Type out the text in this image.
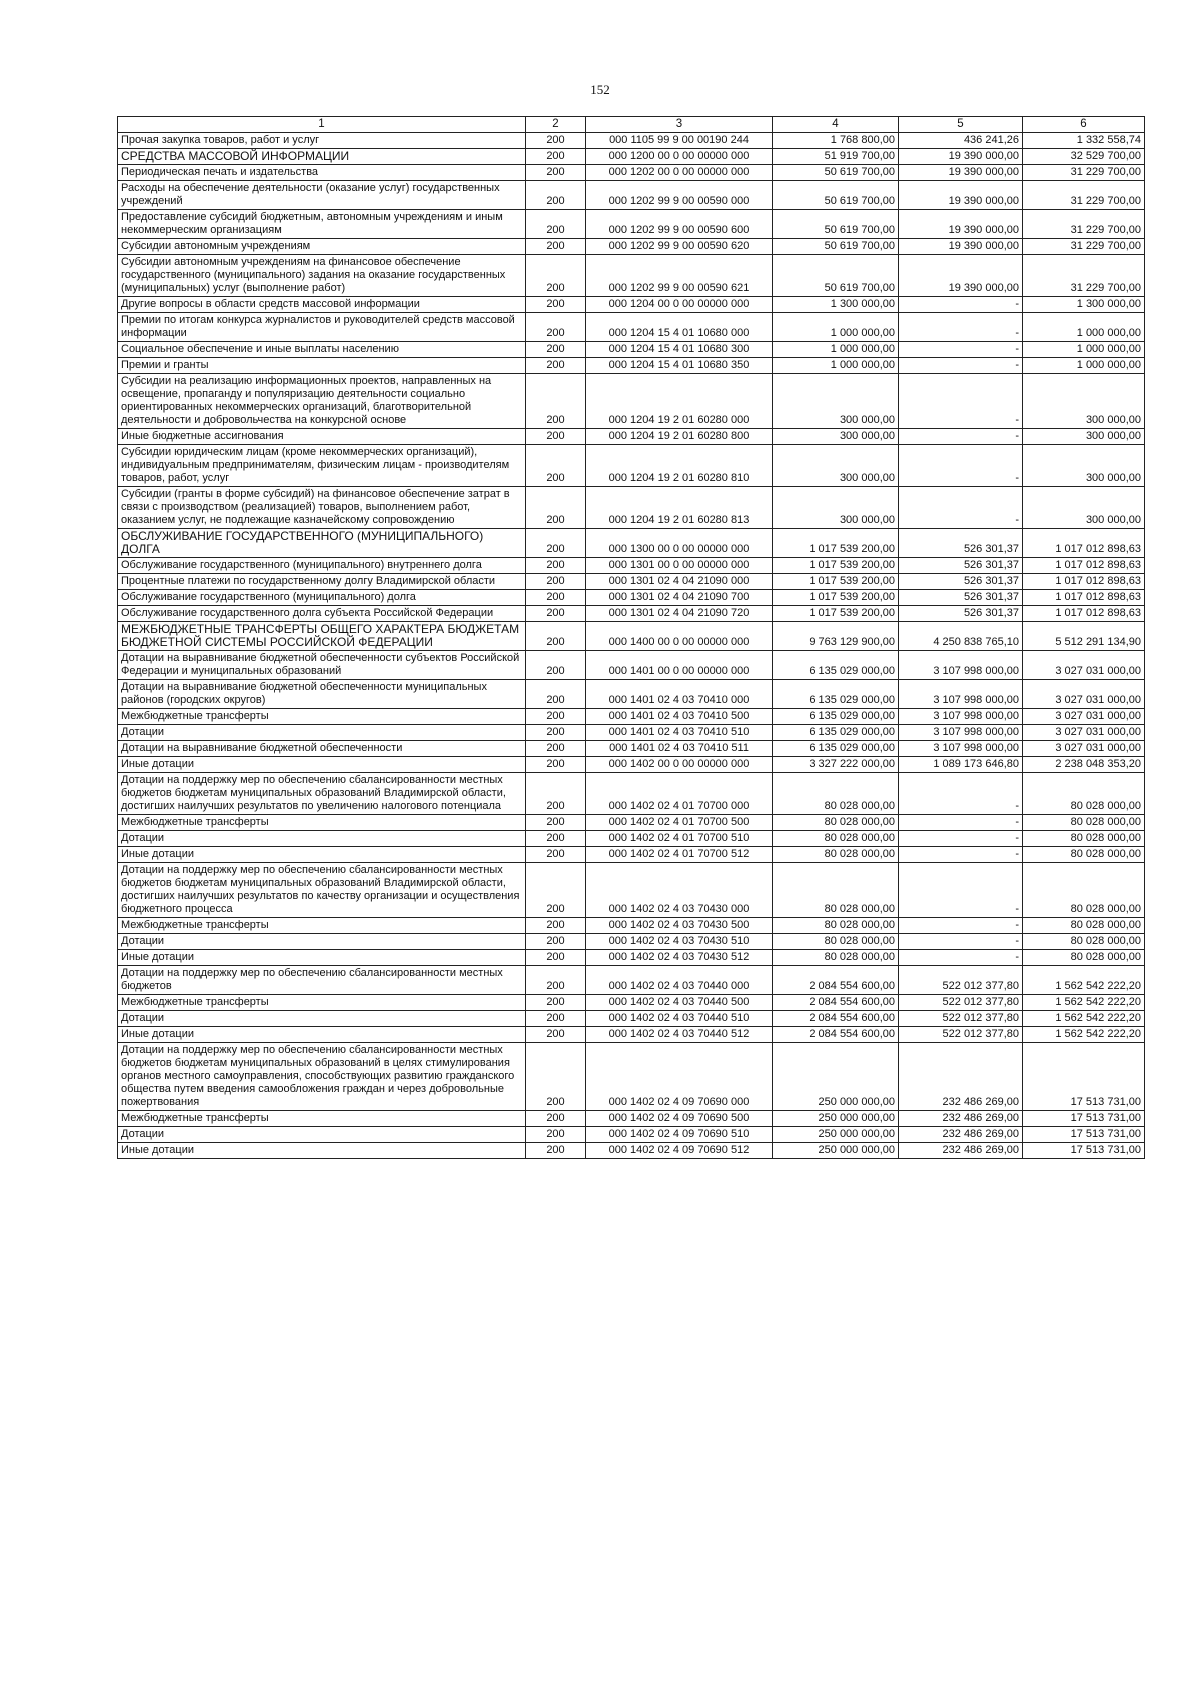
152
1	2	3	4	5	6
Прочая закупка товаров, работ и услуг	200	000 1105 99 9 00 00190 244	1 768 800,00	436 241,26	1 332 558,74
СРЕДСТВА МАССОВОЙ ИНФОРМАЦИИ	200	000 1200 00 0 00 00000 000	51 919 700,00	19 390 000,00	32 529 700,00
Периодическая печать и издательства	200	000 1202 00 0 00 00000 000	50 619 700,00	19 390 000,00	31 229 700,00
Расходы на обеспечение деятельности (оказание услуг) государственных учреждений	200	000 1202 99 9 00 00590 000	50 619 700,00	19 390 000,00	31 229 700,00
Предоставление субсидий бюджетным, автономным учреждениям и иным некоммерческим организациям	200	000 1202 99 9 00 00590 600	50 619 700,00	19 390 000,00	31 229 700,00
Субсидии автономным учреждениям	200	000 1202 99 9 00 00590 620	50 619 700,00	19 390 000,00	31 229 700,00
Субсидии автономным учреждениям на финансовое обеспечение государственного (муниципального) задания на оказание государственных (муниципальных) услуг (выполнение работ)	200	000 1202 99 9 00 00590 621	50 619 700,00	19 390 000,00	31 229 700,00
Другие вопросы в области средств массовой информации	200	000 1204 00 0 00 00000 000	1 300 000,00	-	1 300 000,00
Премии по итогам конкурса журналистов и руководителей средств массовой информации	200	000 1204 15 4 01 10680 000	1 000 000,00	-	1 000 000,00
Социальное обеспечение и иные выплаты населению	200	000 1204 15 4 01 10680 300	1 000 000,00	-	1 000 000,00
Премии и гранты	200	000 1204 15 4 01 10680 350	1 000 000,00	-	1 000 000,00
Субсидии на реализацию информационных проектов, направленных на освещение, пропаганду и популяризацию деятельности социально ориентированных некоммерческих организаций, благотворительной деятельности и добровольчества на конкурсной основе	200	000 1204 19 2 01 60280 000	300 000,00	-	300 000,00
Иные бюджетные ассигнования	200	000 1204 19 2 01 60280 800	300 000,00	-	300 000,00
Субсидии юридическим лицам (кроме некоммерческих организаций), индивидуальным предпринимателям, физическим лицам - производителям товаров, работ, услуг	200	000 1204 19 2 01 60280 810	300 000,00	-	300 000,00
Субсидии (гранты в форме субсидий) на финансовое обеспечение затрат в связи с производством (реализацией) товаров, выполнением работ, оказанием услуг, не подлежащие казначейскому сопровождению	200	000 1204 19 2 01 60280 813	300 000,00	-	300 000,00
ОБСЛУЖИВАНИЕ ГОСУДАРСТВЕННОГО (МУНИЦИПАЛЬНОГО) ДОЛГА	200	000 1300 00 0 00 00000 000	1 017 539 200,00	526 301,37	1 017 012 898,63
Обслуживание государственного (муниципального) внутреннего долга	200	000 1301 00 0 00 00000 000	1 017 539 200,00	526 301,37	1 017 012 898,63
Процентные платежи по государственному долгу Владимирской области	200	000 1301 02 4 04 21090 000	1 017 539 200,00	526 301,37	1 017 012 898,63
Обслуживание государственного (муниципального) долга	200	000 1301 02 4 04 21090 700	1 017 539 200,00	526 301,37	1 017 012 898,63
Обслуживание государственного долга субъекта Российской Федерации	200	000 1301 02 4 04 21090 720	1 017 539 200,00	526 301,37	1 017 012 898,63
МЕЖБЮДЖЕТНЫЕ ТРАНСФЕРТЫ ОБЩЕГО ХАРАКТЕРА БЮДЖЕТАМ БЮДЖЕТНОЙ СИСТЕМЫ РОССИЙСКОЙ ФЕДЕРАЦИИ	200	000 1400 00 0 00 00000 000	9 763 129 900,00	4 250 838 765,10	5 512 291 134,90
Дотации на выравнивание бюджетной обеспеченности субъектов Российской Федерации и муниципальных образований	200	000 1401 00 0 00 00000 000	6 135 029 000,00	3 107 998 000,00	3 027 031 000,00
Дотации на выравнивание бюджетной обеспеченности муниципальных районов (городских округов)	200	000 1401 02 4 03 70410 000	6 135 029 000,00	3 107 998 000,00	3 027 031 000,00
Межбюджетные трансферты	200	000 1401 02 4 03 70410 500	6 135 029 000,00	3 107 998 000,00	3 027 031 000,00
Дотации	200	000 1401 02 4 03 70410 510	6 135 029 000,00	3 107 998 000,00	3 027 031 000,00
Дотации на выравнивание бюджетной обеспеченности	200	000 1401 02 4 03 70410 511	6 135 029 000,00	3 107 998 000,00	3 027 031 000,00
Иные дотации	200	000 1402 00 0 00 00000 000	3 327 222 000,00	1 089 173 646,80	2 238 048 353,20
Дотации на поддержку мер по обеспечению сбалансированности местных бюджетов бюджетам муниципальных образований Владимирской области, достигших наилучших результатов по увеличению налогового потенциала	200	000 1402 02 4 01 70700 000	80 028 000,00	-	80 028 000,00
Межбюджетные трансферты	200	000 1402 02 4 01 70700 500	80 028 000,00	-	80 028 000,00
Дотации	200	000 1402 02 4 01 70700 510	80 028 000,00	-	80 028 000,00
Иные дотации	200	000 1402 02 4 01 70700 512	80 028 000,00	-	80 028 000,00
Дотации на поддержку мер по обеспечению сбалансированности местных бюджетов бюджетам муниципальных образований Владимирской области, достигших наилучших результатов по качеству организации и осуществления бюджетного процесса	200	000 1402 02 4 03 70430 000	80 028 000,00	-	80 028 000,00
Межбюджетные трансферты	200	000 1402 02 4 03 70430 500	80 028 000,00	-	80 028 000,00
Дотации	200	000 1402 02 4 03 70430 510	80 028 000,00	-	80 028 000,00
Иные дотации	200	000 1402 02 4 03 70430 512	80 028 000,00	-	80 028 000,00
Дотации на поддержку мер по обеспечению сбалансированности местных бюджетов	200	000 1402 02 4 03 70440 000	2 084 554 600,00	522 012 377,80	1 562 542 222,20
Межбюджетные трансферты	200	000 1402 02 4 03 70440 500	2 084 554 600,00	522 012 377,80	1 562 542 222,20
Дотации	200	000 1402 02 4 03 70440 510	2 084 554 600,00	522 012 377,80	1 562 542 222,20
Иные дотации	200	000 1402 02 4 03 70440 512	2 084 554 600,00	522 012 377,80	1 562 542 222,20
Дотации на поддержку мер по обеспечению сбалансированности местных бюджетов бюджетам муниципальных образований в целях стимулирования органов местного самоуправления, способствующих развитию гражданского общества путем введения самообложения граждан и через добровольные пожертвования	200	000 1402 02 4 09 70690 000	250 000 000,00	232 486 269,00	17 513 731,00
Межбюджетные трансферты	200	000 1402 02 4 09 70690 500	250 000 000,00	232 486 269,00	17 513 731,00
Дотации	200	000 1402 02 4 09 70690 510	250 000 000,00	232 486 269,00	17 513 731,00
Иные дотации	200	000 1402 02 4 09 70690 512	250 000 000,00	232 486 269,00	17 513 731,00
